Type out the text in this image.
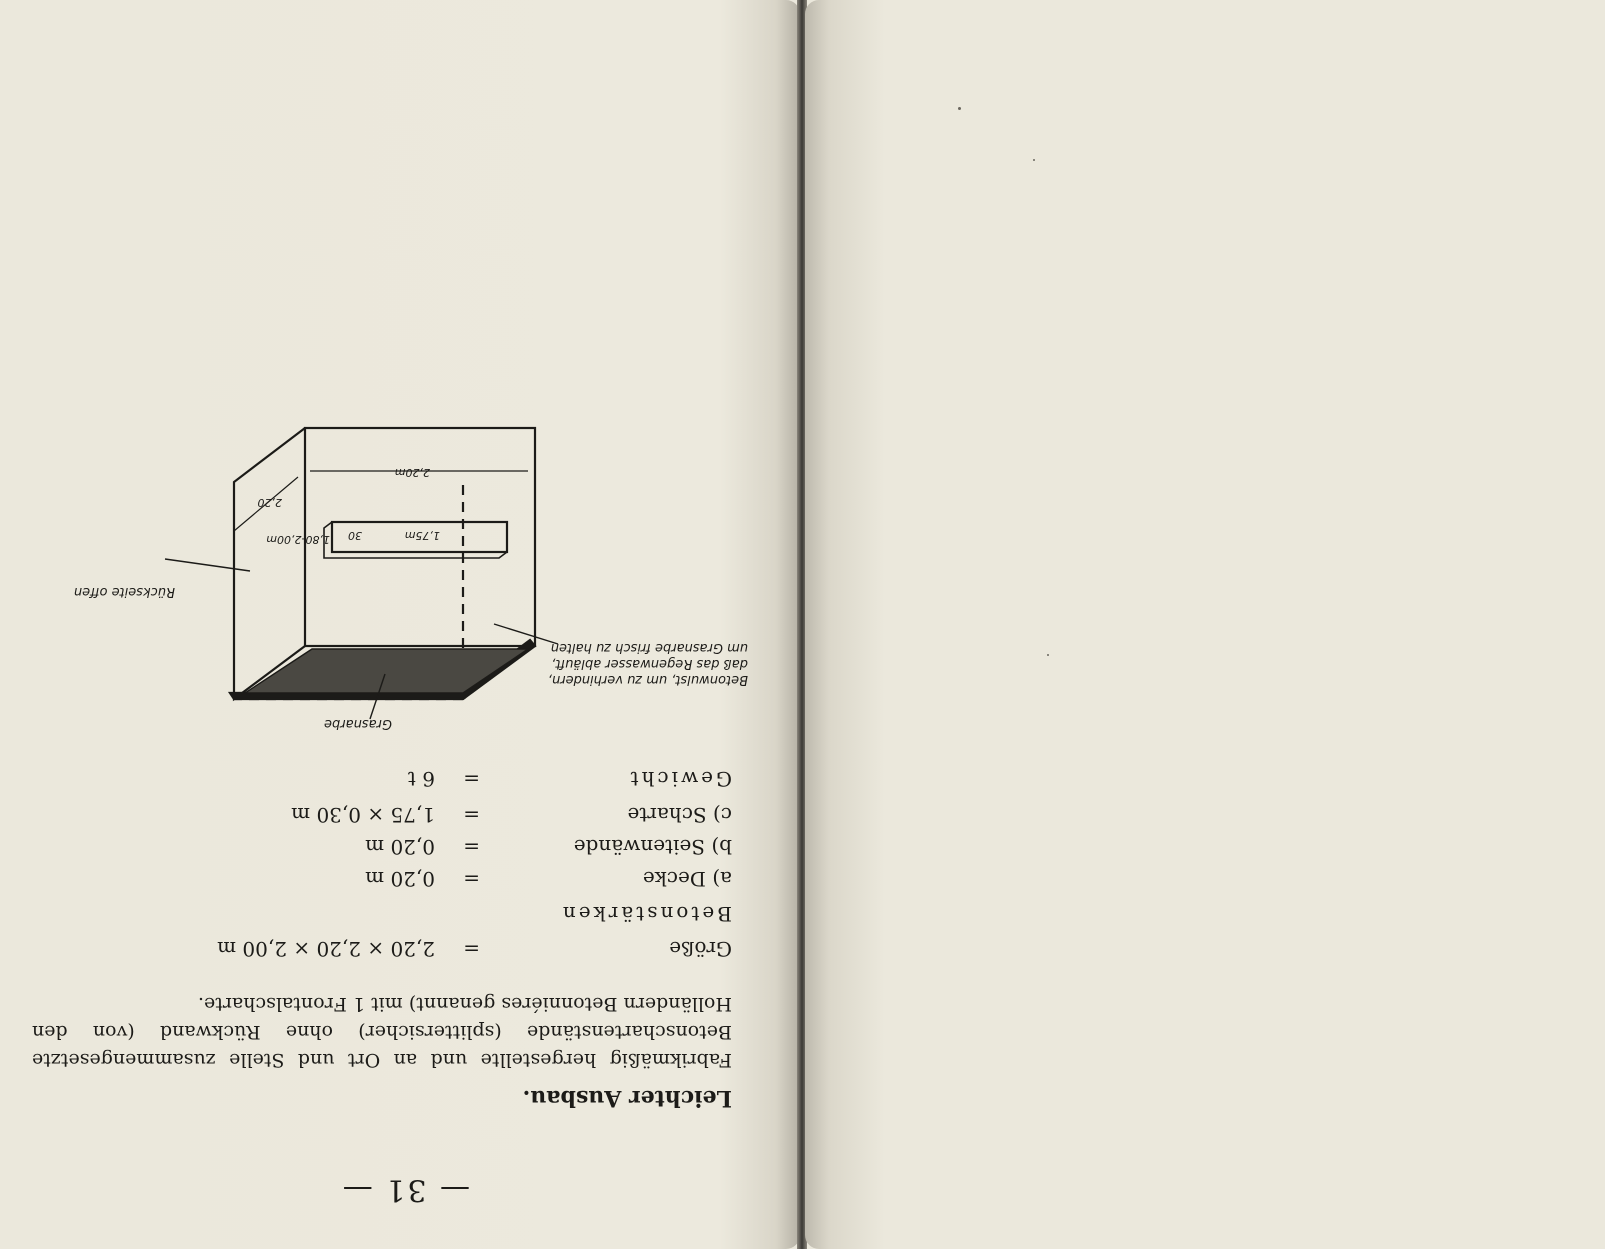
— 31 —
Leichter Ausbau.
Fabrikmäßig hergestellte und an Ort und Stelle zusammengesetzte Betonschartenstände (splittersicher) ohne Rückwand (von den Holländern Betonniéres genannt) mit 1 Frontalscharte.
Größe
=
2,20 × 2,20 × 2,00 m
Betonstärken
a) Decke
=
0,20 m
b) Seitenwände
=
0,20 m
c) Scharte
=
1,75 × 0,30 m
Gewicht
=
6 t
2,20m
2,20
1,80-2,00m	1,75m
30
Betonwulst, um zu verhindern, daß das Regenwasser abläuft, um Grasnarbe frisch zu halten
Grasnarbe
Rückseite offen
